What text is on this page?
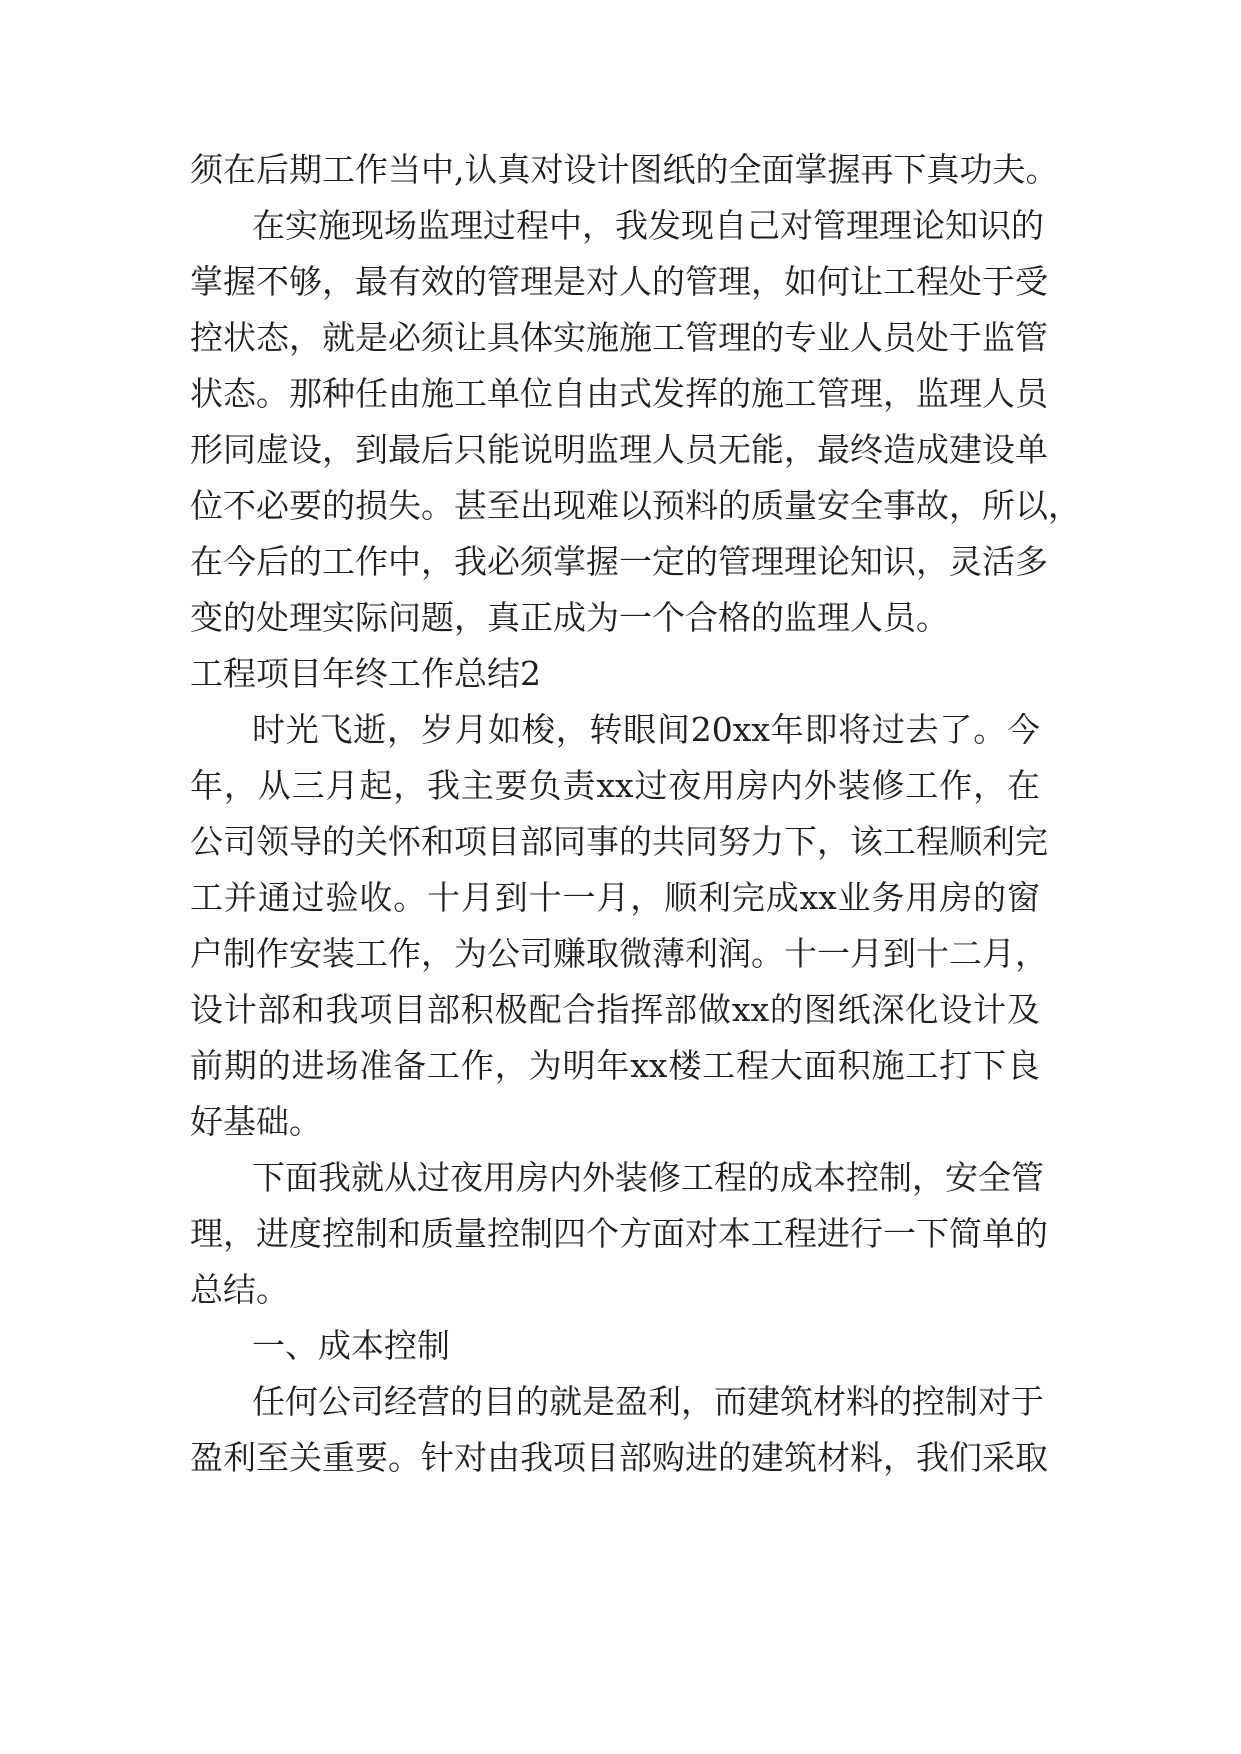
须在后期工作当中,认真对设计图纸的全面掌握再下真功夫。
在实施现场监理过程中，我发现自己对管理理论知识的
掌握不够，最有效的管理是对人的管理，如何让工程处于受
控状态，就是必须让具体实施施工管理的专业人员处于监管
状态。那种任由施工单位自由式发挥的施工管理，监理人员
形同虚设，到最后只能说明监理人员无能，最终造成建设单
位不必要的损失。甚至出现难以预料的质量安全事故，所以，
在今后的工作中，我必须掌握一定的管理理论知识，灵活多
变的处理实际问题，真正成为一个合格的监理人员。
工程项目年终工作总结2
时光飞逝，岁月如梭，转眼间20xx年即将过去了。今
年，从三月起，我主要负责xx过夜用房内外装修工作，在
公司领导的关怀和项目部同事的共同努力下，该工程顺利完
工并通过验收。十月到十一月，顺利完成xx业务用房的窗
户制作安装工作，为公司赚取微薄利润。十一月到十二月，
设计部和我项目部积极配合指挥部做xx的图纸深化设计及
前期的进场准备工作，为明年xx楼工程大面积施工打下良
好基础。
下面我就从过夜用房内外装修工程的成本控制，安全管
理，进度控制和质量控制四个方面对本工程进行一下简单的
总结。
一、成本控制
任何公司经营的目的就是盈利，而建筑材料的控制对于
盈利至关重要。针对由我项目部购进的建筑材料，我们采取
